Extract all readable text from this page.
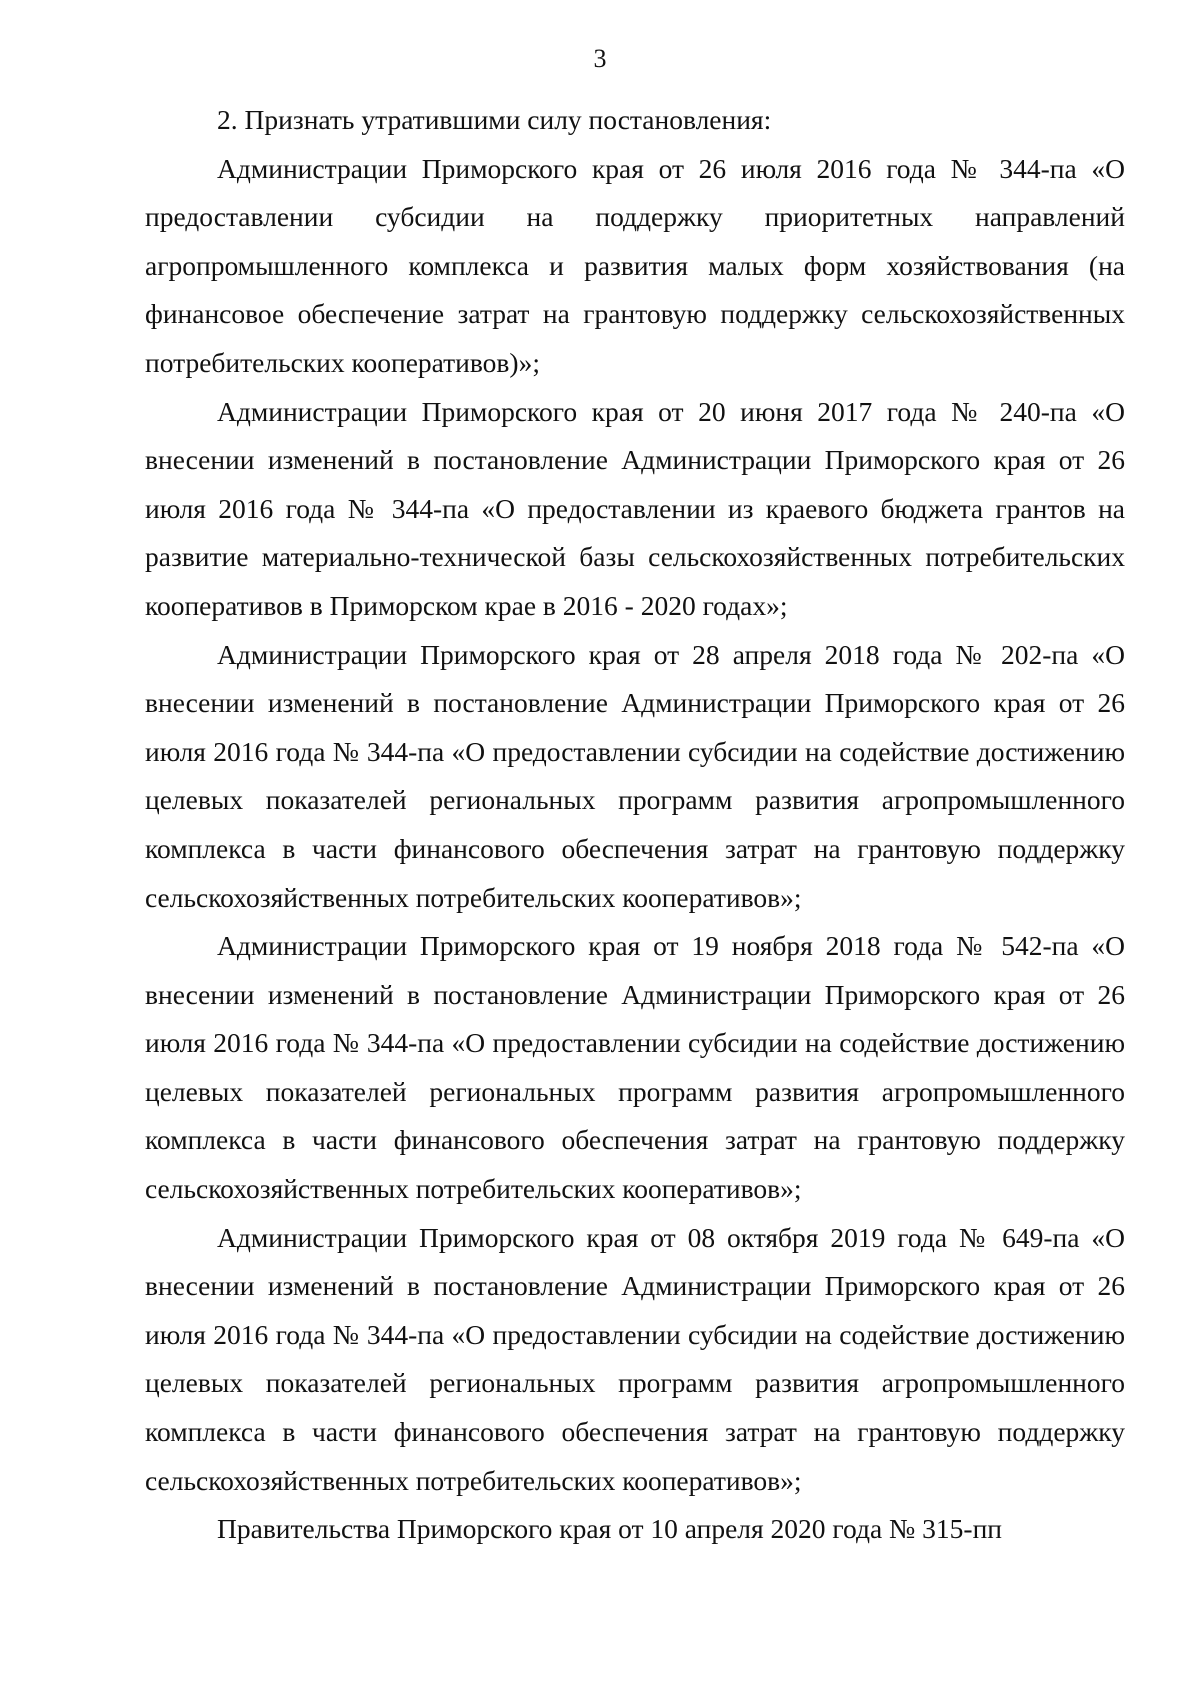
3

2. Признать утратившими силу постановления:

Администрации Приморского края от 26 июля 2016 года № 344-па «О предоставлении субсидии на поддержку приоритетных направлений агропромышленного комплекса и развития малых форм хозяйствования (на финансовое обеспечение затрат на грантовую поддержку сельскохозяйственных потребительских кооперативов)»;

Администрации Приморского края от 20 июня 2017 года № 240-па «О внесении изменений в постановление Администрации Приморского края от 26 июля 2016 года № 344-па «О предоставлении из краевого бюджета грантов на развитие материально-технической базы сельскохозяйственных потребительских кооперативов в Приморском крае в 2016 - 2020 годах»;

Администрации Приморского края от 28 апреля 2018 года № 202-па «О внесении изменений в постановление Администрации Приморского края от 26 июля 2016 года № 344-па «О предоставлении субсидии на содействие достижению целевых показателей региональных программ развития агропромышленного комплекса в части финансового обеспечения затрат на грантовую поддержку сельскохозяйственных потребительских кооперативов»;

Администрации Приморского края от 19 ноября 2018 года № 542-па «О внесении изменений в постановление Администрации Приморского края от 26 июля 2016 года № 344-па «О предоставлении субсидии на содействие достижению целевых показателей региональных программ развития агропромышленного комплекса в части финансового обеспечения затрат на грантовую поддержку сельскохозяйственных потребительских кооперативов»;

Администрации Приморского края от 08 октября 2019 года № 649-па «О внесении изменений в постановление Администрации Приморского края от 26 июля 2016 года № 344-па «О предоставлении субсидии на содействие достижению целевых показателей региональных программ развития агропромышленного комплекса в части финансового обеспечения затрат на грантовую поддержку сельскохозяйственных потребительских кооперативов»;

Правительства Приморского края от 10 апреля 2020 года № 315-пп
